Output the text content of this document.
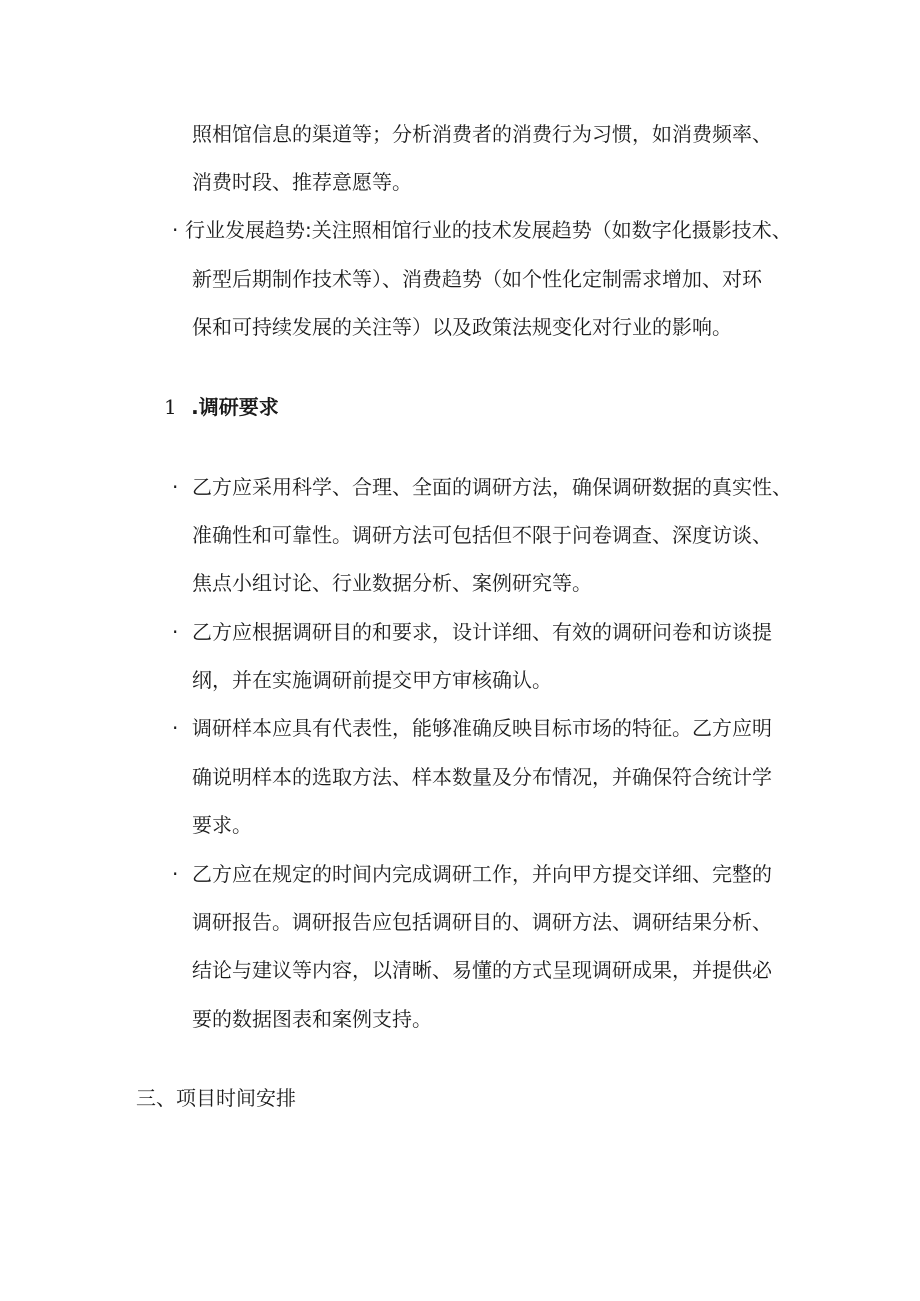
照相馆信息的渠道等；分析消费者的消费行为习惯，如消费频率、
消费时段、推荐意愿等。
· 行业发展趋势:关注照相馆行业的技术发展趋势（如数字化摄影技术、
新型后期制作技术等）、消费趋势（如个性化定制需求增加、对环
保和可持续发展的关注等）以及政策法规变化对行业的影响。
1 .调研要求
· 乙方应采用科学、合理、全面的调研方法，确保调研数据的真实性、
准确性和可靠性。调研方法可包括但不限于问卷调查、深度访谈、
焦点小组讨论、行业数据分析、案例研究等。
· 乙方应根据调研目的和要求，设计详细、有效的调研问卷和访谈提
纲，并在实施调研前提交甲方审核确认。
· 调研样本应具有代表性，能够准确反映目标市场的特征。乙方应明
确说明样本的选取方法、样本数量及分布情况，并确保符合统计学
要求。
· 乙方应在规定的时间内完成调研工作，并向甲方提交详细、完整的
调研报告。调研报告应包括调研目的、调研方法、调研结果分析、
结论与建议等内容，以清晰、易懂的方式呈现调研成果，并提供必
要的数据图表和案例支持。
三、项目时间安排
